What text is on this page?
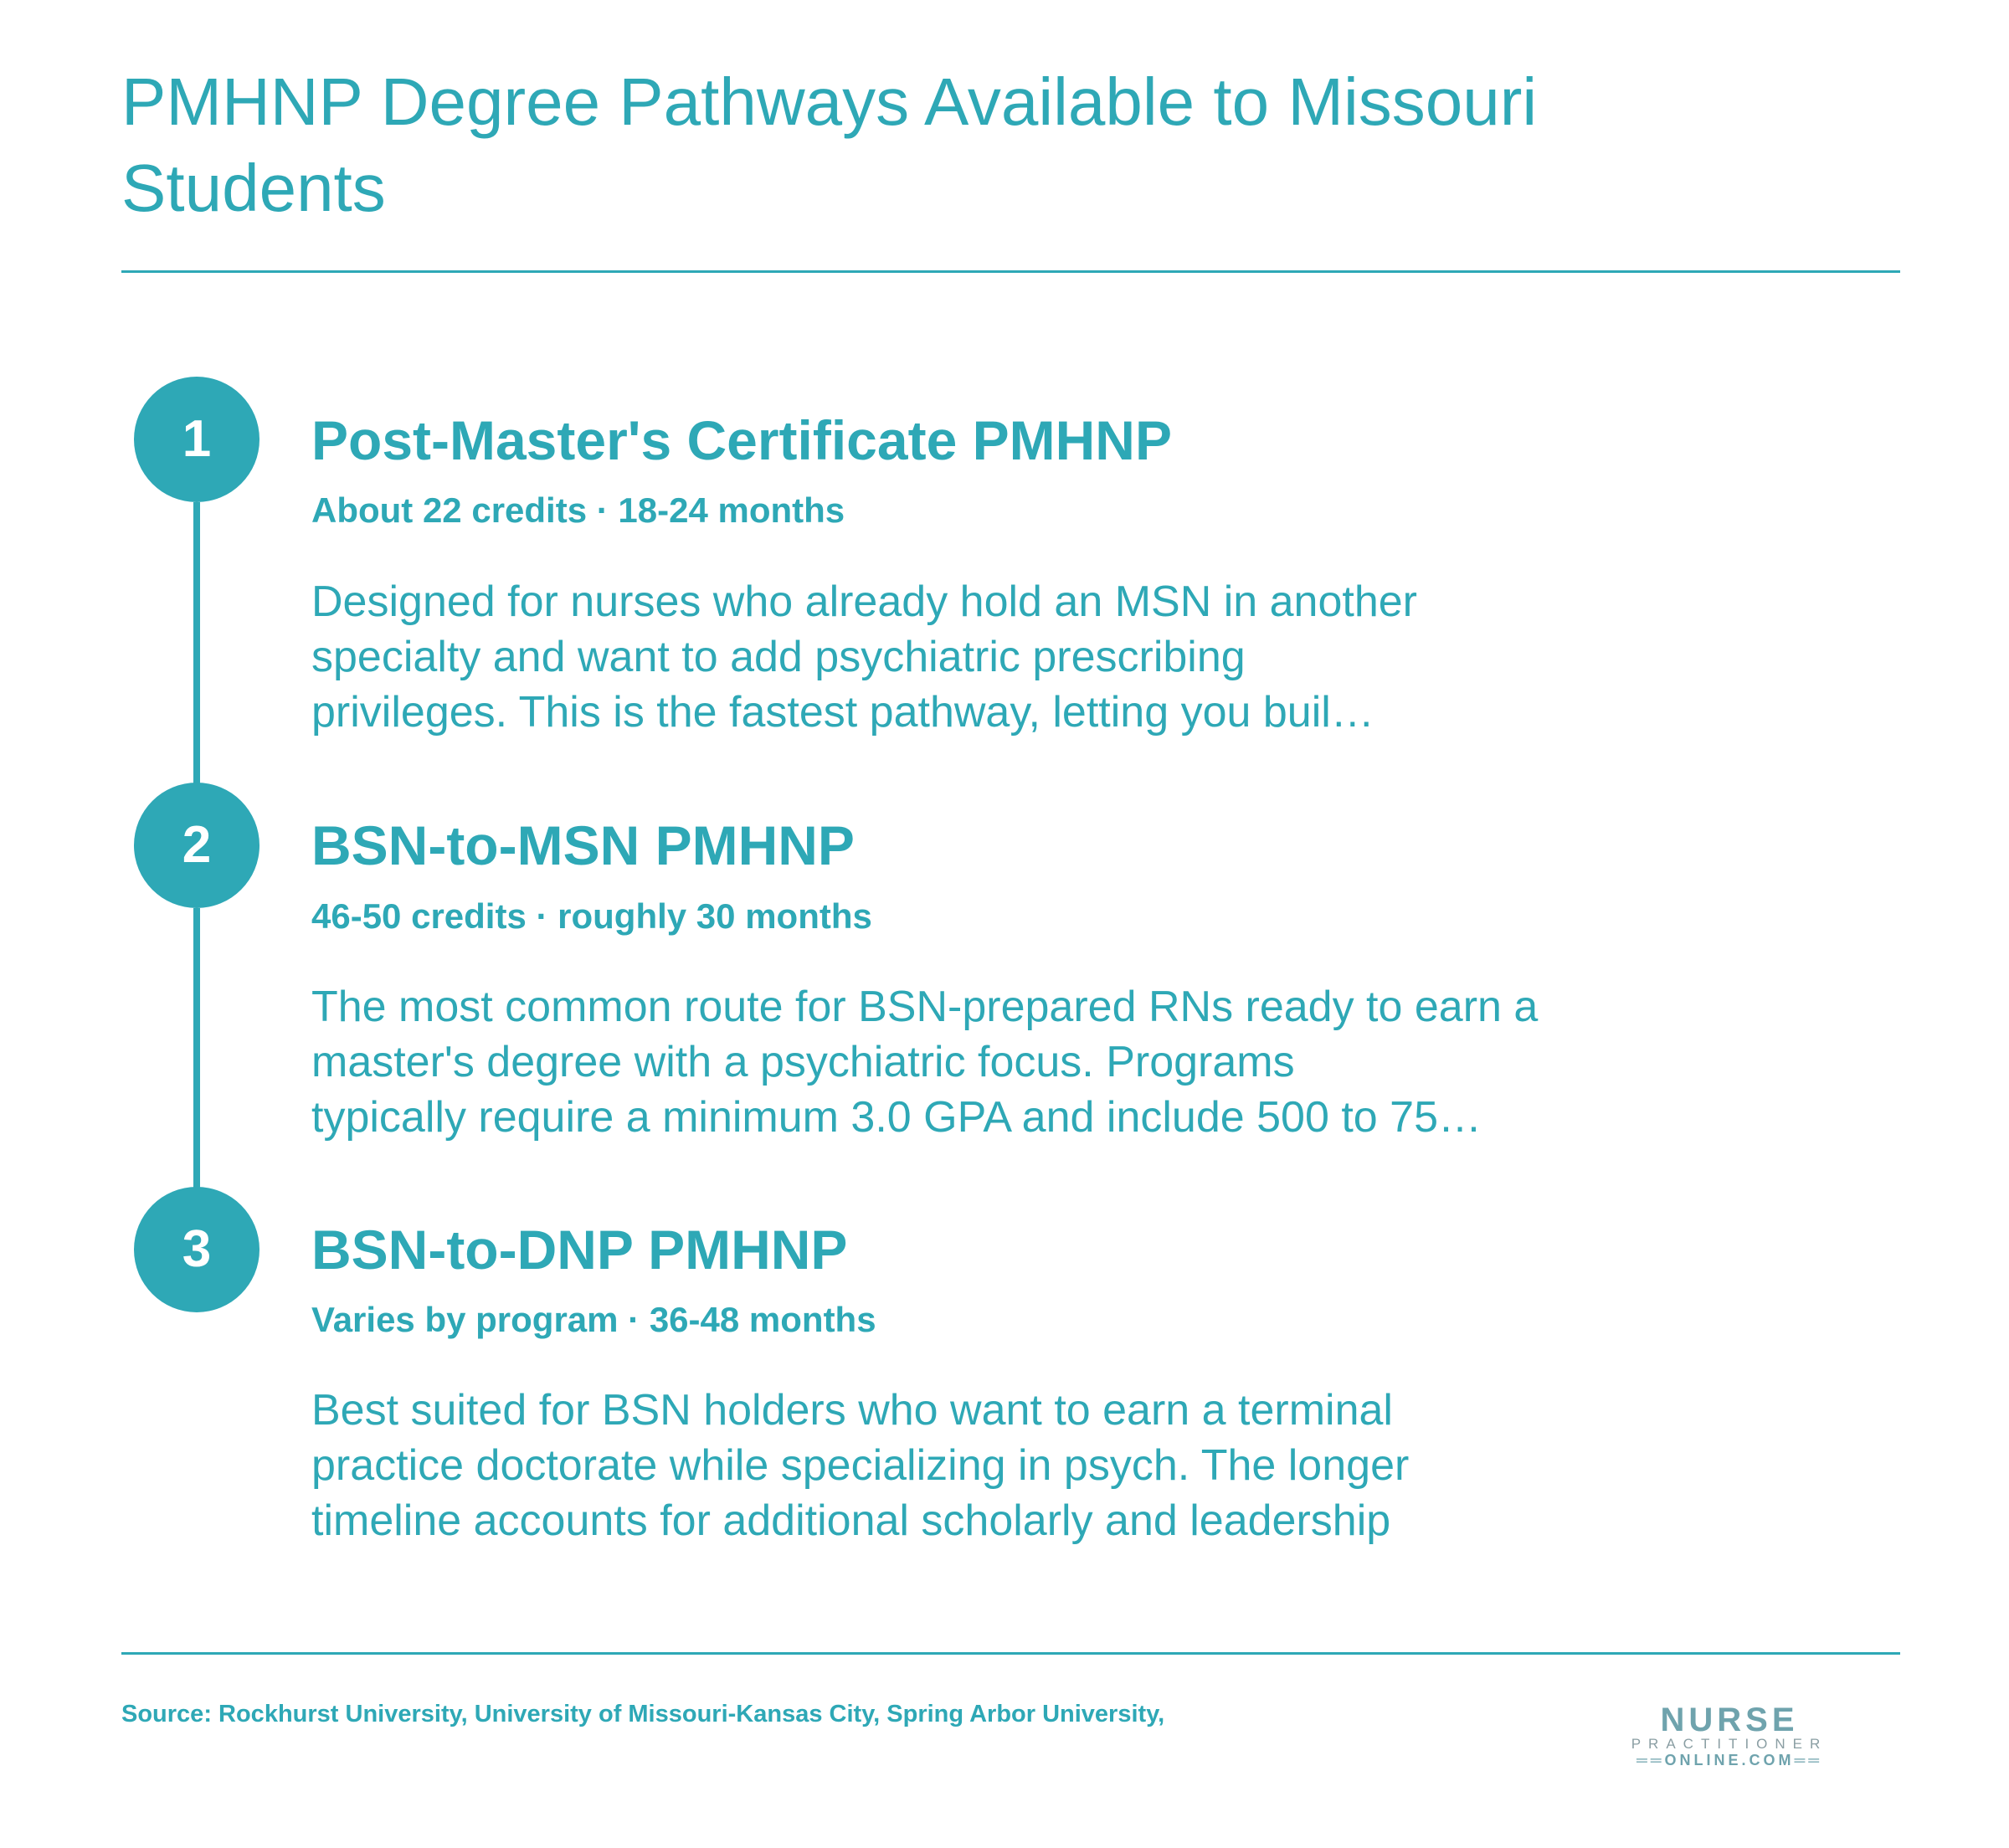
PMHNP Degree Pathways Available to Missouri Students
1	Post-Master's Certificate PMHNP
About 22 credits · 18-24 months
Designed for nurses who already hold an MSN in another
specialty and want to add psychiatric prescribing
privileges. This is the fastest pathway, letting you buil…
2	BSN-to-MSN PMHNP
46-50 credits · roughly 30 months
The most common route for BSN-prepared RNs ready to earn a
master's degree with a psychiatric focus. Programs
typically require a minimum 3.0 GPA and include 500 to 75…
3	BSN-to-DNP PMHNP
Varies by program · 36-48 months
Best suited for BSN holders who want to earn a terminal
practice doctorate while specializing in psych. The longer
timeline accounts for additional scholarly and leadership
Source: Rockhurst University, University of Missouri-Kansas City, Spring Arbor University,	NURSE
PRACTITIONER
══ONLINE.COM══
